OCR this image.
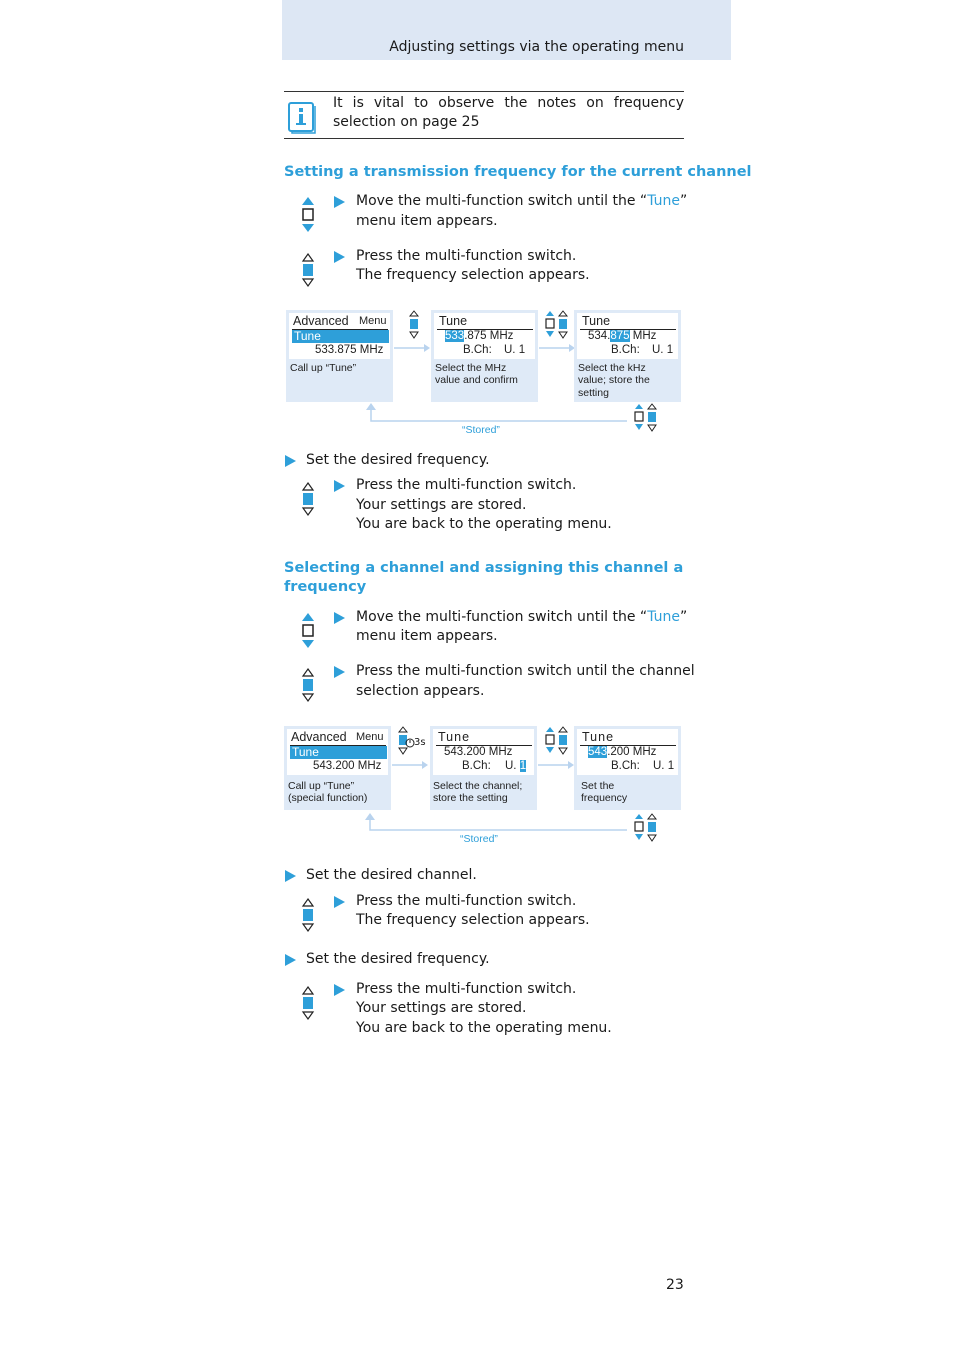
Adjusting settings via the operating menu
It is vital to observe the notes on frequency selection on page 25
Setting a transmission frequency for the current channel
Move the multi-function switch until the “Tune”
menu item appears.
Press the multi-function switch.
The frequency selection appears.
Advanced Menu
Tune
533.875 MHz
Call up “Tune”
Tune
533.875 MHz
B.Ch: U. 1
Select the MHz
value and confirm
Tune
534.875 MHz
B.Ch: U. 1
Select the kHz
value; store the
setting
“Stored”
Set the desired frequency.
Press the multi-function switch.
Your settings are stored.
You are back to the operating menu.
Selecting a channel and assigning this channel a
frequency
Move the multi-function switch until the “Tune”
menu item appears.
Press the multi-function switch until the channel
selection appears.
Advanced Menu
Tune
543.200 MHz
Call up “Tune”
(special function)
3s Tune
543.200 MHz
B.Ch: U. 1
Select the channel;
store the setting
Tune
543.200 MHz
B.Ch: U. 1
Set the
frequency
“Stored”
Set the desired channel.
Press the multi-function switch.
The frequency selection appears.
Set the desired frequency.
Press the multi-function switch.
Your settings are stored.
You are back to the operating menu.
23
